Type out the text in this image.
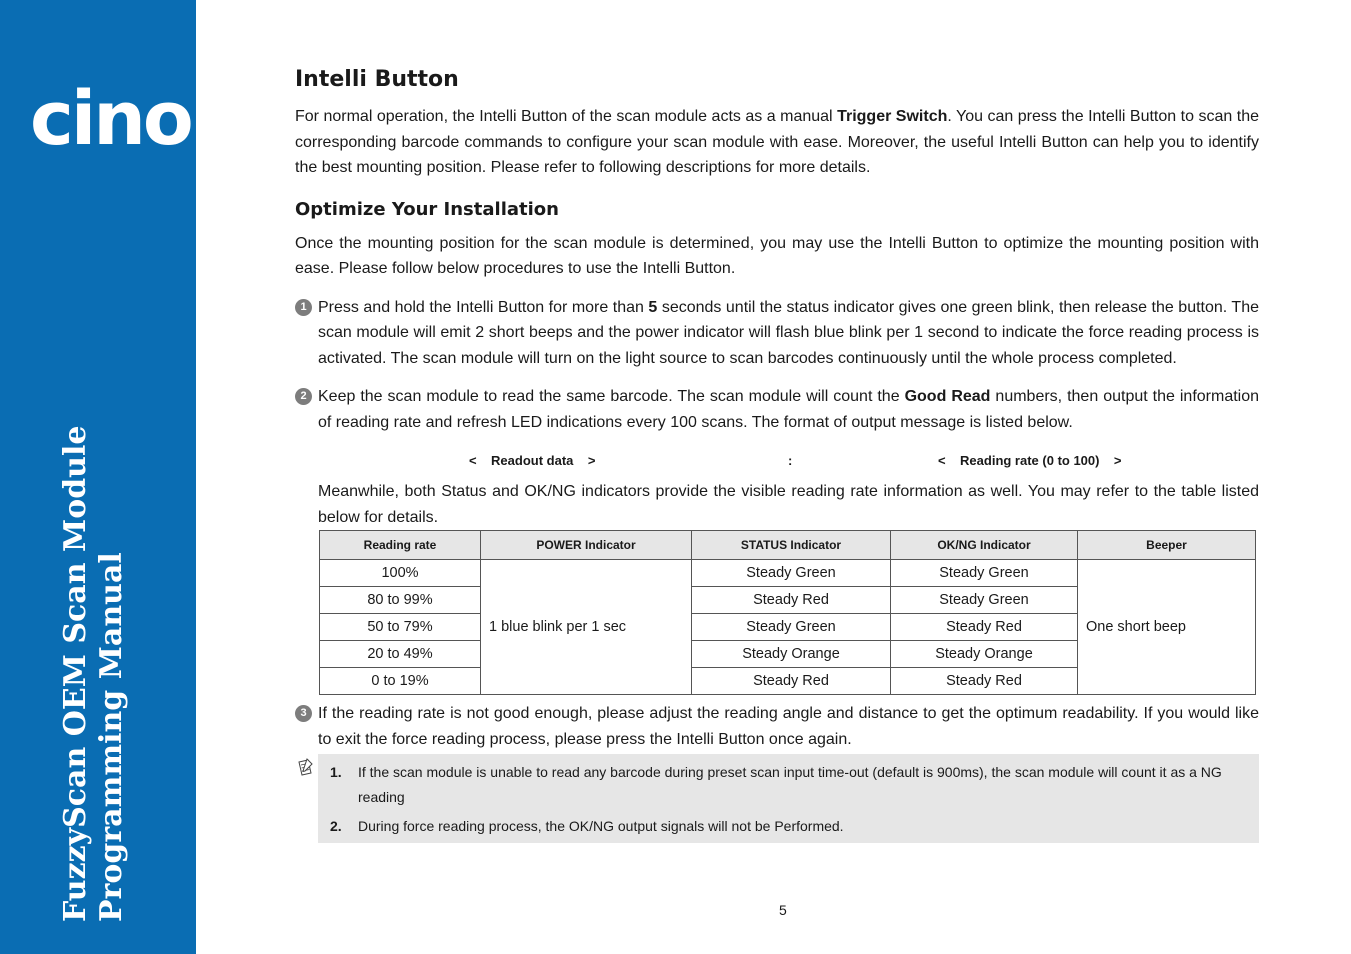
cino®
FuzzyScan OEM Scan Module Programming Manual
Intelli Button

For normal operation, the Intelli Button of the scan module acts as a manual Trigger Switch. You can press the Intelli Button to scan the corresponding barcode commands to configure your scan module with ease. Moreover, the useful Intelli Button can help you to identify the best mounting position. Please refer to following descriptions for more details.

Optimize Your Installation

Once the mounting position for the scan module is determined, you may use the Intelli Button to optimize the mounting position with ease. Please follow below procedures to use the Intelli Button.

1 Press and hold the Intelli Button for more than 5 seconds until the status indicator gives one green blink, then release the button. The scan module will emit 2 short beeps and the power indicator will flash blue blink per 1 second to indicate the force reading process is activated. The scan module will turn on the light source to scan barcodes continuously until the whole process completed.
2 Keep the scan module to read the same barcode. The scan module will count the Good Read numbers, then output the information of reading rate and refresh LED indications every 100 scans. The format of output message is listed below.
<    Readout data    >	:	<    Reading rate (0 to 100)    >
Meanwhile, both Status and OK/NG indicators provide the visible reading rate information as well. You may refer to the table listed below for details.
Reading rate	POWER Indicator	STATUS Indicator	OK/NG Indicator	Beeper
100%	1 blue blink per 1 sec	Steady Green	Steady Green	One short beep
80 to 99%		Steady Red	Steady Green	
50 to 79%		Steady Green	Steady Red	
20 to 49%		Steady Orange	Steady Orange	
0 to 19%		Steady Red	Steady Red	
3 If the reading rate is not good enough, please adjust the reading angle and distance to get the optimum readability. If you would like to exit the force reading process, please press the Intelli Button once again.
1. If the scan module is unable to read any barcode during preset scan input time-out (default is 900ms), the scan module will count it as a NG reading
2. During force reading process, the OK/NG output signals will not be Performed.
5
